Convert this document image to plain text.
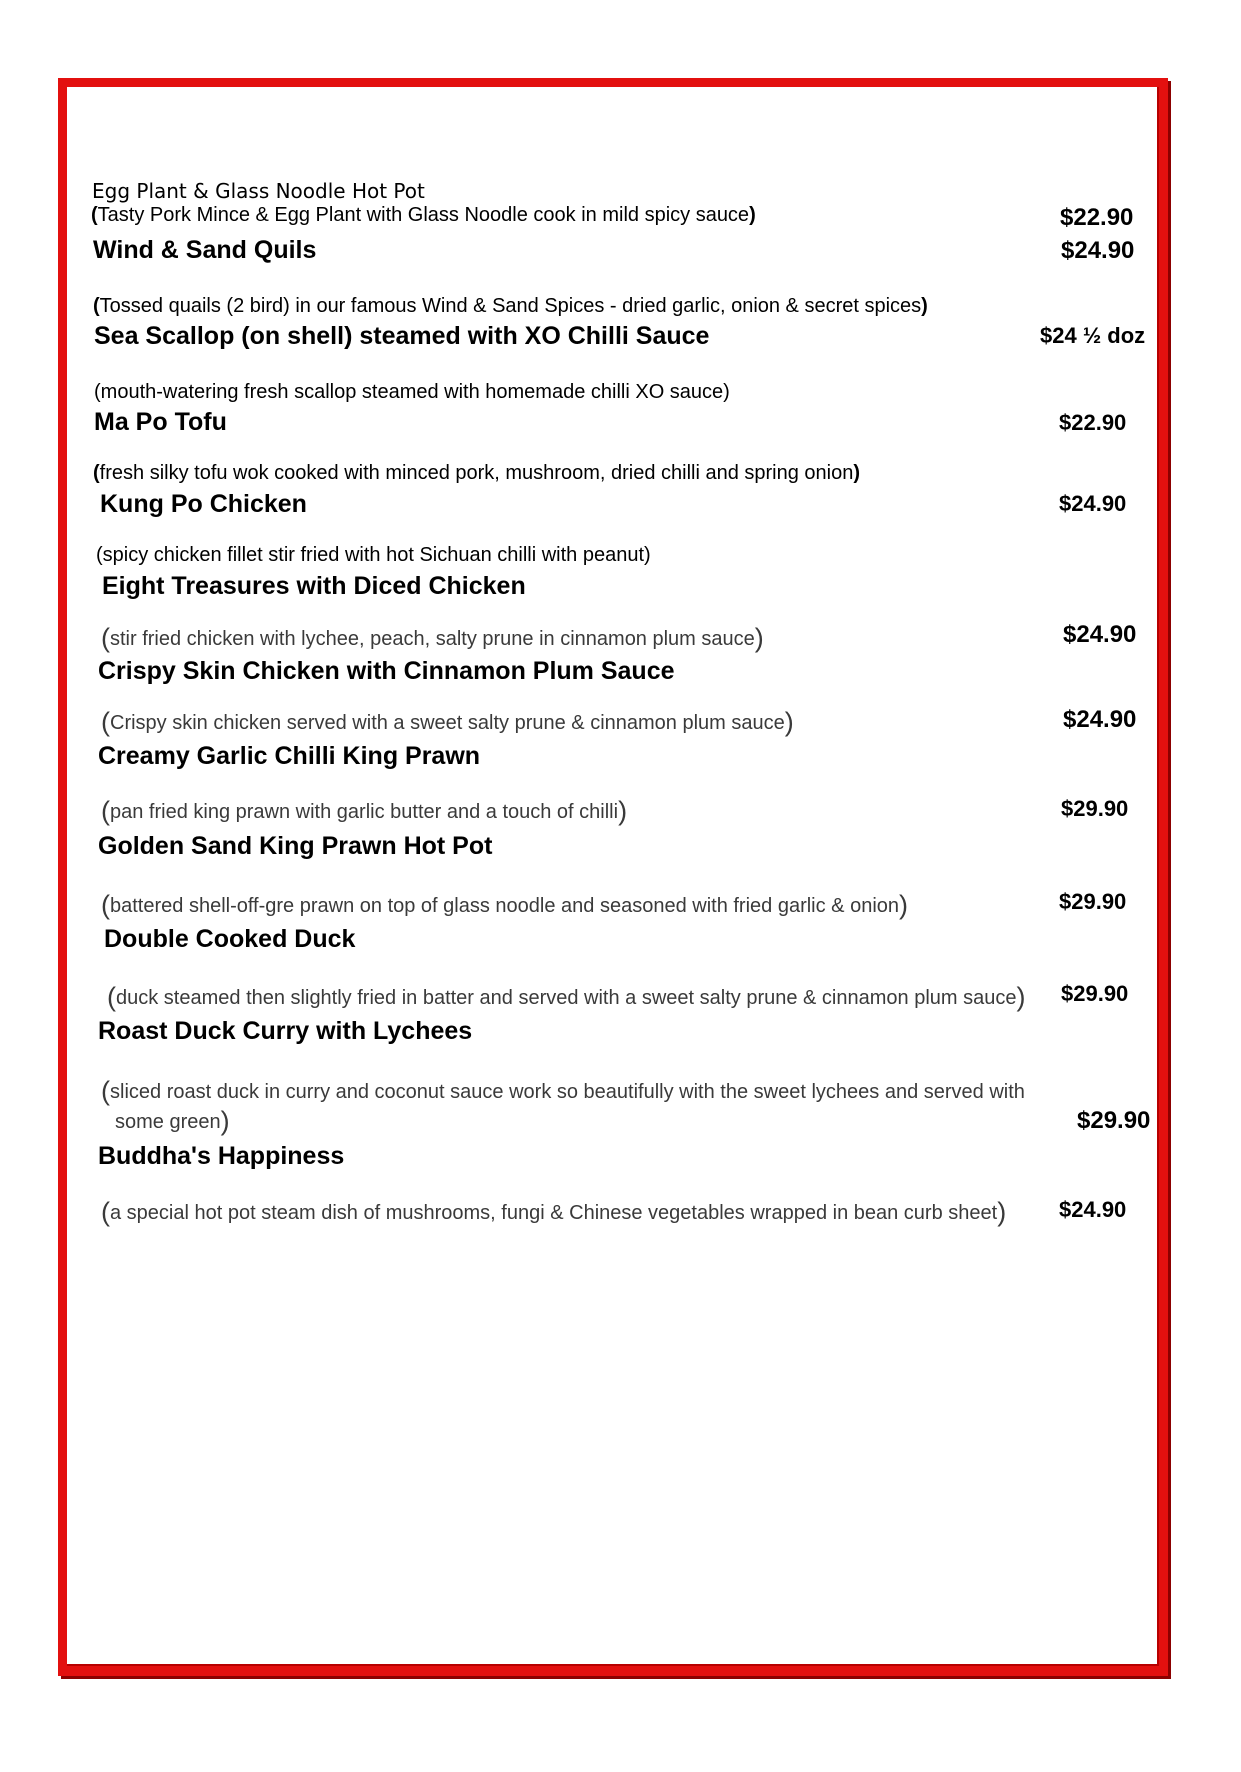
Egg Plant & Glass Noodle Hot Pot
(Tasty Pork Mince & Egg Plant with Glass Noodle cook in mild spicy sauce)	$22.90
Wind & Sand Quils	$24.90
(Tossed quails (2 bird) in our famous Wind & Sand Spices - dried garlic, onion & secret spices)
Sea Scallop (on shell) steamed with XO Chilli Sauce	$24 ½ doz
(mouth-watering fresh scallop steamed with homemade chilli XO sauce)
Ma Po Tofu	$22.90
(fresh silky tofu wok cooked with minced pork, mushroom, dried chilli and spring onion)
Kung Po Chicken	$24.90
(spicy chicken fillet stir fried with hot Sichuan chilli with peanut)
Eight Treasures with Diced Chicken
(stir fried chicken with lychee, peach, salty prune in cinnamon plum sauce)	$24.90
Crispy Skin Chicken with Cinnamon Plum Sauce
(Crispy skin chicken served with a sweet salty prune & cinnamon plum sauce)	$24.90
Creamy Garlic Chilli King Prawn
(pan fried king prawn with garlic butter and a touch of chilli)	$29.90
Golden Sand King Prawn Hot Pot
(battered shell-off-gre prawn on top of glass noodle and seasoned with fried garlic & onion)	$29.90
Double Cooked Duck
(duck steamed then slightly fried in batter and served with a sweet salty prune & cinnamon plum sauce) $29.90
Roast Duck Curry with Lychees
(sliced roast duck in curry and coconut sauce work so beautifully with the sweet lychees and served with
some green)	$29.90
Buddha's Happiness
(a special hot pot steam dish of mushrooms, fungi & Chinese vegetables wrapped in bean curb sheet) $24.90
